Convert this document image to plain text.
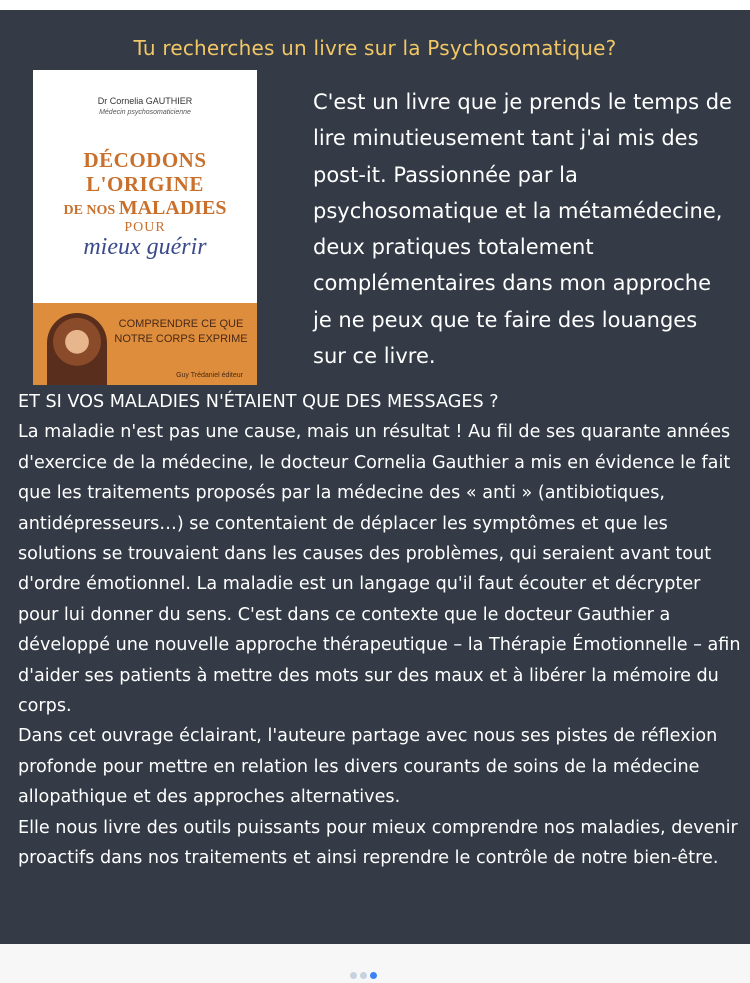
Tu recherches un livre sur la Psychosomatique?
Dr Cornelia GAUTHIER
Médecin psychosomaticienne
DÉCODONS
L'ORIGINE
DE NOS MALADIES
POUR
mieux guérir
COMPRENDRE CE QUE NOTRE CORPS EXPRIME
Guy Trédaniel éditeur

C'est un livre que je prends le temps de lire minutieusement tant j'ai mis des post-it. Passionnée par la psychosomatique et la métamédecine, deux pratiques totalement complémentaires dans mon approche je ne peux que te faire des louanges sur ce livre.

ET SI VOS MALADIES N'ÉTAIENT QUE DES MESSAGES ?

La maladie n'est pas une cause, mais un résultat ! Au fil de ses quarante années d'exercice de la médecine, le docteur Cornelia Gauthier a mis en évidence le fait que les traitements proposés par la médecine des « anti » (antibiotiques, antidépresseurs…) se contentaient de déplacer les symptômes et que les solutions se trouvaient dans les causes des problèmes, qui seraient avant tout d'ordre émotionnel. La maladie est un langage qu'il faut écouter et décrypter pour lui donner du sens. C'est dans ce contexte que le docteur Gauthier a développé une nouvelle approche thérapeutique – la Thérapie Émotionnelle – afin d'aider ses patients à mettre des mots sur des maux et à libérer la mémoire du corps.

Dans cet ouvrage éclairant, l'auteure partage avec nous ses pistes de réflexion profonde pour mettre en relation les divers courants de soins de la médecine allopathique et des approches alternatives.

Elle nous livre des outils puissants pour mieux comprendre nos maladies, devenir proactifs dans nos traitements et ainsi reprendre le contrôle de notre bien-être.
